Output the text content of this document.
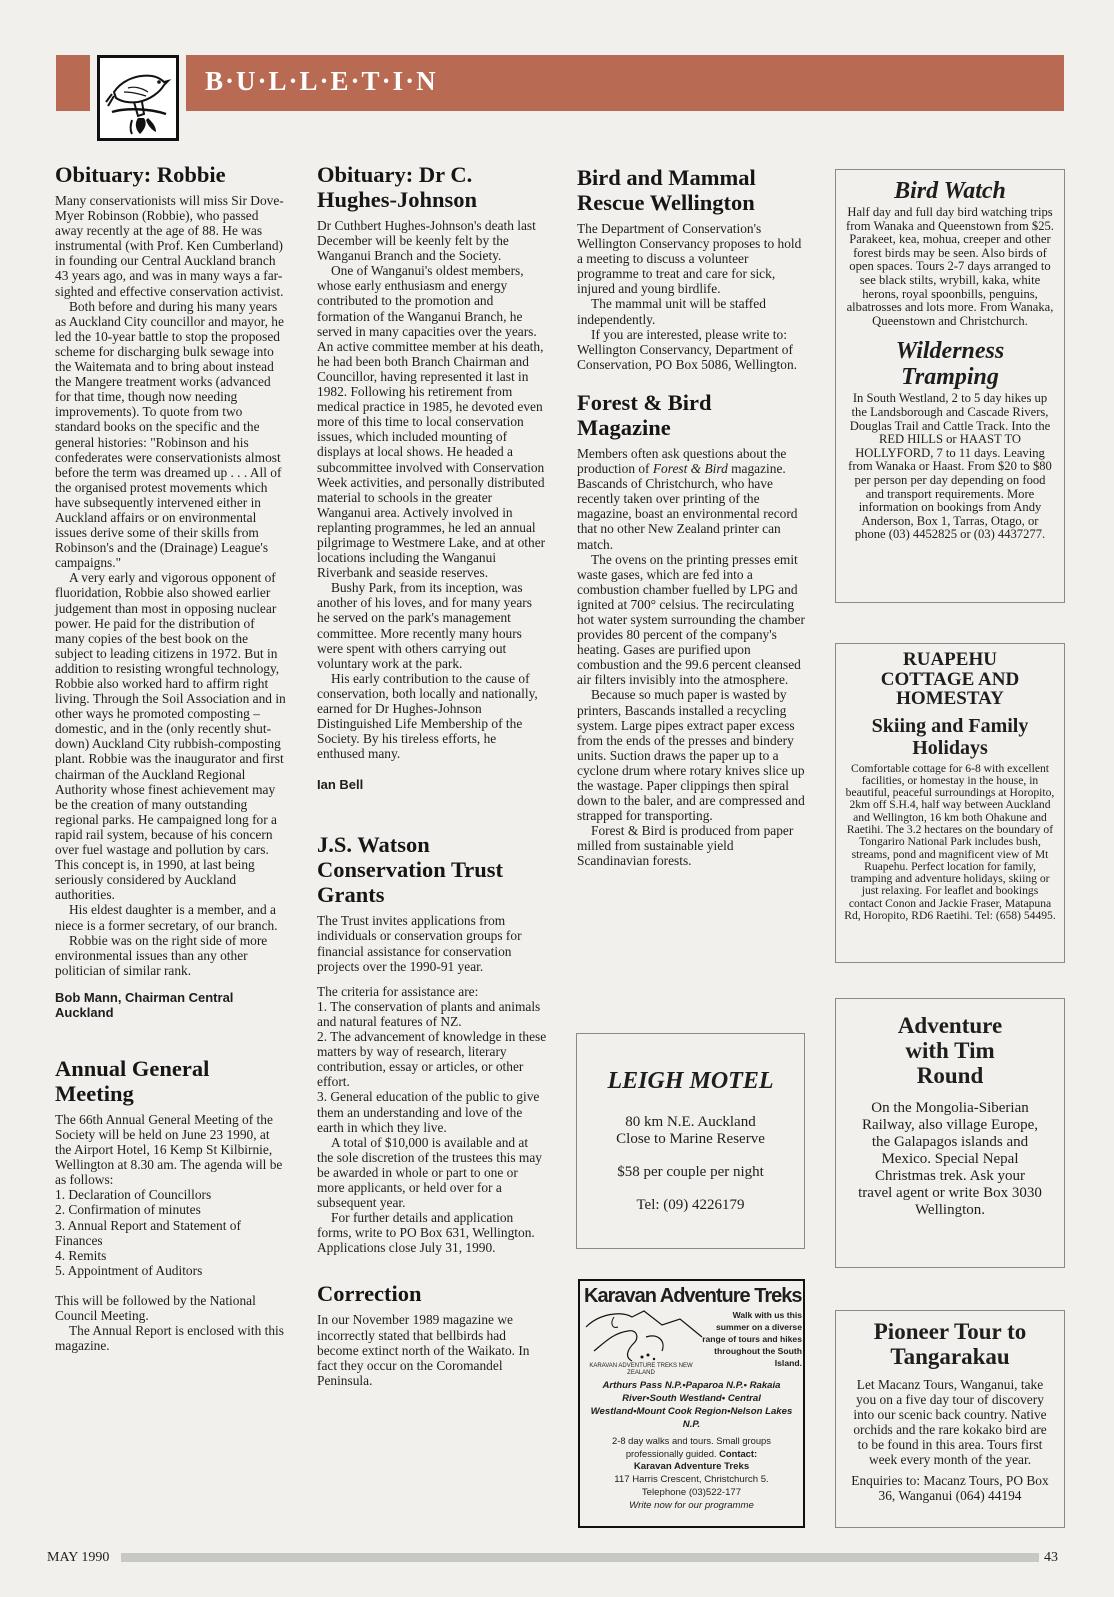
B·U·L·L·E·T·I·N
Obituary: Robbie

Many conservationists will miss Sir Dove-Myer Robinson (Robbie), who passed away recently at the age of 88. He was instrumental (with Prof. Ken Cumberland) in founding our Central Auckland branch 43 years ago, and was in many ways a far-sighted and effective conservation activist.

Both before and during his many years as Auckland City councillor and mayor, he led the 10-year battle to stop the proposed scheme for discharging bulk sewage into the Waitemata and to bring about instead the Mangere treatment works (advanced for that time, though now needing improvements). To quote from two standard books on the specific and the general histories: "Robinson and his confederates were conservationists almost before the term was dreamed up . . . All of the organised protest movements which have subsequently intervened either in Auckland affairs or on environmental issues derive some of their skills from Robinson's and the (Drainage) League's campaigns."

A very early and vigorous opponent of fluoridation, Robbie also showed earlier judgement than most in opposing nuclear power. He paid for the distribution of many copies of the best book on the subject to leading citizens in 1972. But in addition to resisting wrongful technology, Robbie also worked hard to affirm right living. Through the Soil Association and in other ways he promoted composting – domestic, and in the (only recently shut-down) Auckland City rubbish-composting plant. Robbie was the inaugurator and first chairman of the Auckland Regional Authority whose finest achievement may be the creation of many outstanding regional parks. He campaigned long for a rapid rail system, because of his concern over fuel wastage and pollution by cars. This concept is, in 1990, at last being seriously considered by Auckland authorities.

His eldest daughter is a member, and a niece is a former secretary, of our branch.

Robbie was on the right side of more environmental issues than any other politician of similar rank.

Bob Mann, Chairman Central Auckland
Annual General Meeting

The 66th Annual General Meeting of the Society will be held on June 23 1990, at the Airport Hotel, 16 Kemp St Kilbirnie, Wellington at 8.30 am. The agenda will be as follows:

1. Declaration of Councillors

2. Confirmation of minutes

3. Annual Report and Statement of Finances

4. Remits

5. Appointment of Auditors

This will be followed by the National Council Meeting.

The Annual Report is enclosed with this magazine.

Obituary: Dr C. Hughes-Johnson

Dr Cuthbert Hughes-Johnson's death last December will be keenly felt by the Wanganui Branch and the Society.

One of Wanganui's oldest members, whose early enthusiasm and energy contributed to the promotion and formation of the Wanganui Branch, he served in many capacities over the years. An active committee member at his death, he had been both Branch Chairman and Councillor, having represented it last in 1982. Following his retirement from medical practice in 1985, he devoted even more of this time to local conservation issues, which included mounting of displays at local shows. He headed a subcommittee involved with Conservation Week activities, and personally distributed material to schools in the greater Wanganui area. Actively involved in replanting programmes, he led an annual pilgrimage to Westmere Lake, and at other locations including the Wanganui Riverbank and seaside reserves.

Bushy Park, from its inception, was another of his loves, and for many years he served on the park's management committee. More recently many hours were spent with others carrying out voluntary work at the park.

His early contribution to the cause of conservation, both locally and nationally, earned for Dr Hughes-Johnson Distinguished Life Membership of the Society. By his tireless efforts, he enthused many.

Ian Bell
J.S. Watson Conservation Trust Grants

The Trust invites applications from individuals or conservation groups for financial assistance for conservation projects over the 1990-91 year.

The criteria for assistance are:

1. The conservation of plants and animals and natural features of NZ.

2. The advancement of knowledge in these matters by way of research, literary contribution, essay or articles, or other effort.

3. General education of the public to give them an understanding and love of the earth in which they live.

A total of $10,000 is available and at the sole discretion of the trustees this may be awarded in whole or part to one or more applicants, or held over for a subsequent year.

For further details and application forms, write to PO Box 631, Wellington. Applications close July 31, 1990.

Correction

In our November 1989 magazine we incorrectly stated that bellbirds had become extinct north of the Waikato. In fact they occur on the Coromandel Peninsula.

Bird and Mammal Rescue Wellington

The Department of Conservation's Wellington Conservancy proposes to hold a meeting to discuss a volunteer programme to treat and care for sick, injured and young birdlife.

The mammal unit will be staffed independently.

If you are interested, please write to: Wellington Conservancy, Department of Conservation, PO Box 5086, Wellington.

Forest & Bird Magazine

Members often ask questions about the production of Forest & Bird magazine. Bascands of Christchurch, who have recently taken over printing of the magazine, boast an environmental record that no other New Zealand printer can match.

The ovens on the printing presses emit waste gases, which are fed into a combustion chamber fuelled by LPG and ignited at 700° celsius. The recirculating hot water system surrounding the chamber provides 80 percent of the company's heating. Gases are purified upon combustion and the 99.6 percent cleansed air filters invisibly into the atmosphere.

Because so much paper is wasted by printers, Bascands installed a recycling system. Large pipes extract paper excess from the ends of the presses and bindery units. Suction draws the paper up to a cyclone drum where rotary knives slice up the wastage. Paper clippings then spiral down to the baler, and are compressed and strapped for transporting.

Forest & Bird is produced from paper milled from sustainable yield Scandinavian forests.

LEIGH MOTEL
80 km N.E. Auckland
Close to Marine Reserve
$58 per couple per night
Tel: (09) 4226179
Karavan Adventure Treks
Walk with us this summer on a diverse range of tours and hikes throughout the South Island.
KARAVAN ADVENTURE TREKS NEW ZEALAND
Arthurs Pass N.P.•Paparoa N.P.• Rakaia River•South Westland• Central Westland•Mount Cook Region•Nelson Lakes N.P.
2-8 day walks and tours. Small groups professionally guided. Contact:
Karavan Adventure Treks
117 Harris Crescent, Christchurch 5.
Telephone (03)522-177
Write now for our programme
Bird Watch
Half day and full day bird watching trips from Wanaka and Queenstown from $25. Parakeet, kea, mohua, creeper and other forest birds may be seen. Also birds of open spaces. Tours 2-7 days arranged to see black stilts, wrybill, kaka, white herons, royal spoonbills, penguins, albatrosses and lots more. From Wanaka, Queenstown and Christchurch.
Wilderness Tramping
In South Westland, 2 to 5 day hikes up the Landsborough and Cascade Rivers, Douglas Trail and Cattle Track. Into the RED HILLS or HAAST TO HOLLYFORD, 7 to 11 days. Leaving from Wanaka or Haast. From $20 to $80 per person per day depending on food and transport requirements. More information on bookings from Andy Anderson, Box 1, Tarras, Otago, or phone (03) 4452825 or (03) 4437277.
RUAPEHU COTTAGE AND HOMESTAY
Skiing and Family Holidays
Comfortable cottage for 6-8 with excellent facilities, or homestay in the house, in beautiful, peaceful surroundings at Horopito, 2km off S.H.4, half way between Auckland and Wellington, 16 km both Ohakune and Raetihi. The 3.2 hectares on the boundary of Tongariro National Park includes bush, streams, pond and magnificent view of Mt Ruapehu. Perfect location for family, tramping and adventure holidays, skiing or just relaxing. For leaflet and bookings contact Conon and Jackie Fraser, Matapuna Rd, Horopito, RD6 Raetihi. Tel: (658) 54495.
Adventure with Tim Round
On the Mongolia-Siberian Railway, also village Europe, the Galapagos islands and Mexico. Special Nepal Christmas trek. Ask your travel agent or write Box 3030 Wellington.
Pioneer Tour to Tangarakau
Let Macanz Tours, Wanganui, take you on a five day tour of discovery into our scenic back country. Native orchids and the rare kokako bird are to be found in this area. Tours first week every month of the year.
Enquiries to: Macanz Tours, PO Box 36, Wanganui (064) 44194
MAY 1990	43
